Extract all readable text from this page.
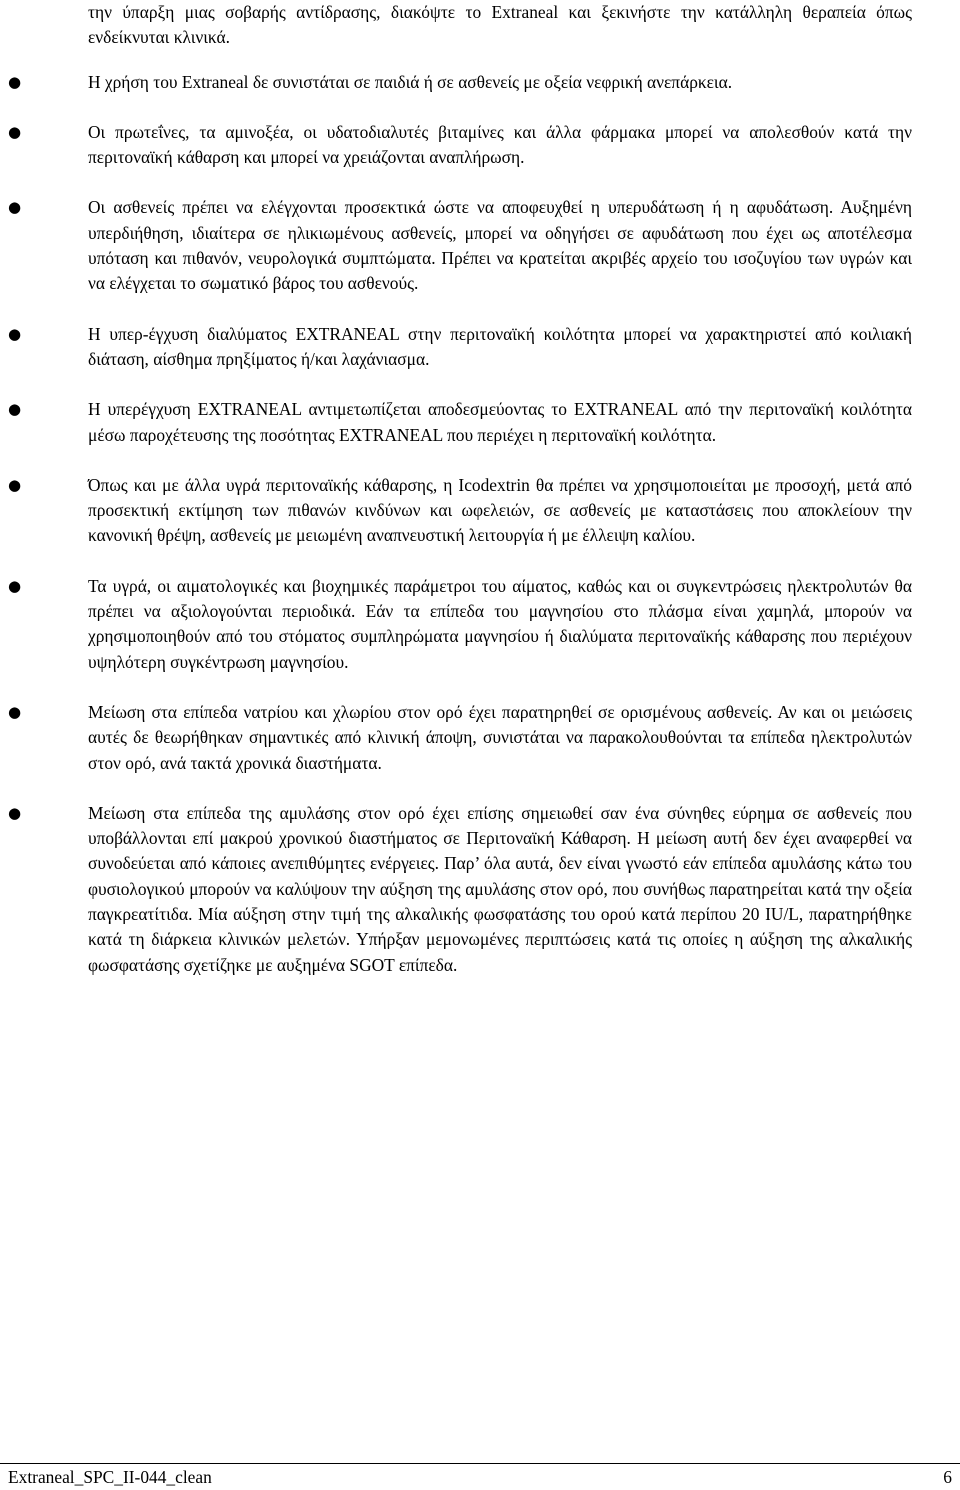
την ύπαρξη μιας σοβαρής αντίδρασης, διακόψτε το Extraneal και ξεκινήστε την κατάλληλη θεραπεία όπως ενδείκνυται κλινικά.

●	Η χρήση του Extraneal δε συνιστάται σε παιδιά ή σε ασθενείς με οξεία νεφρική ανεπάρκεια.

●	Οι πρωτεΐνες, τα αμινοξέα, οι υδατοδιαλυτές βιταμίνες και άλλα φάρμακα μπορεί να απολεσθούν κατά την περιτοναϊκή κάθαρση και μπορεί να χρειάζονται αναπλήρωση.

●	Οι ασθενείς πρέπει να ελέγχονται προσεκτικά ώστε να αποφευχθεί η υπερυδάτωση ή η αφυδάτωση. Αυξημένη υπερδιήθηση, ιδιαίτερα σε ηλικιωμένους ασθενείς, μπορεί να οδηγήσει σε αφυδάτωση που έχει ως αποτέλεσμα υπόταση και πιθανόν, νευρολογικά συμπτώματα. Πρέπει να κρατείται ακριβές αρχείο του ισοζυγίου των υγρών και να ελέγχεται το σωματικό βάρος του ασθενούς.

●	Η υπερ-έγχυση διαλύματος EXTRANEAL στην περιτοναϊκή κοιλότητα μπορεί να χαρακτηριστεί από κοιλιακή διάταση, αίσθημα πρηξίματος ή/και λαχάνιασμα.

●	Η υπερέγχυση EXTRANEAL αντιμετωπίζεται αποδεσμεύοντας το EXTRANEAL από την περιτοναϊκή κοιλότητα μέσω παροχέτευσης της ποσότητας EXTRANEAL που περιέχει η περιτοναϊκή κοιλότητα.

●	Όπως και με άλλα υγρά περιτοναϊκής κάθαρσης, η Icodextrin θα πρέπει να χρησιμοποιείται με προσοχή, μετά από προσεκτική εκτίμηση των πιθανών κινδύνων και ωφελειών, σε ασθενείς με καταστάσεις που αποκλείουν την κανονική θρέψη, ασθενείς με μειωμένη αναπνευστική λειτουργία ή με έλλειψη καλίου.

●	Τα υγρά, οι αιματολογικές και βιοχημικές παράμετροι του αίματος, καθώς και οι συγκεντρώσεις ηλεκτρολυτών θα πρέπει να αξιολογούνται περιοδικά. Εάν τα επίπεδα του μαγνησίου στο πλάσμα είναι χαμηλά, μπορούν να χρησιμοποιηθούν από του στόματος συμπληρώματα μαγνησίου ή διαλύματα περιτοναϊκής κάθαρσης που περιέχουν υψηλότερη συγκέντρωση μαγνησίου.

●	Μείωση στα επίπεδα νατρίου και χλωρίου στον ορό έχει παρατηρηθεί σε ορισμένους ασθενείς. Αν και οι μειώσεις αυτές δε θεωρήθηκαν σημαντικές από κλινική άποψη, συνιστάται να παρακολουθούνται τα επίπεδα ηλεκτρολυτών στον ορό, ανά τακτά χρονικά διαστήματα.

●	Μείωση στα επίπεδα της αμυλάσης στον ορό έχει επίσης σημειωθεί σαν ένα σύνηθες εύρημα σε ασθενείς που υποβάλλονται επί μακρού χρονικού διαστήματος σε Περιτοναϊκή Κάθαρση. Η μείωση αυτή δεν έχει αναφερθεί να συνοδεύεται από κάποιες ανεπιθύμητες ενέργειες. Παρ’ όλα αυτά, δεν είναι γνωστό εάν επίπεδα αμυλάσης κάτω του φυσιολογικού μπορούν να καλύψουν την αύξηση της αμυλάσης στον ορό, που συνήθως παρατηρείται κατά την οξεία παγκρεατίτιδα. Μία αύξηση στην τιμή της αλκαλικής φωσφατάσης του ορού κατά περίπου 20 IU/L, παρατηρήθηκε κατά τη διάρκεια κλινικών μελετών. Υπήρξαν μεμονωμένες περιπτώσεις κατά τις οποίες η αύξηση της αλκαλικής φωσφατάσης σχετίζηκε με αυξημένα SGOT επίπεδα.

Extraneal_SPC_II-044_clean	6
